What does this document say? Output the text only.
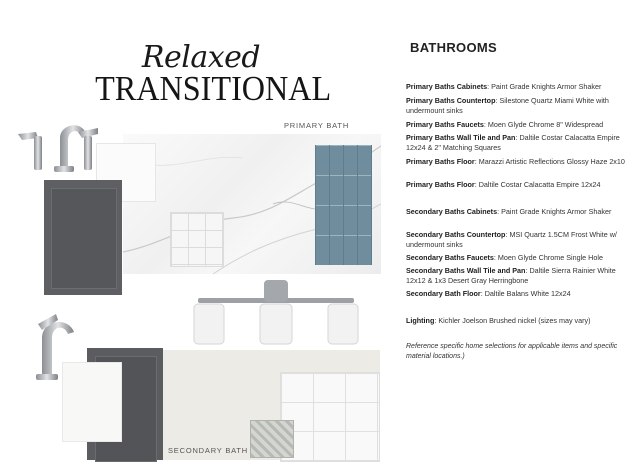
Relaxed
TRANSITIONAL
PRIMARY BATH
SECONDARY BATH
BATHROOMS
Primary Baths Cabinets: Paint Grade Knights Armor Shaker
Primary Baths Countertop: Silestone Quartz Miami White with undermount sinks
Primary Baths Faucets: Moen Glyde Chrome 8" Widespread
Primary Baths Wall Tile and Pan: Daltile Costar Calacatta Empire 12x24 & 2" Matching Squares
Primary Baths Floor: Marazzi Artistic Reflections Glossy Haze 2x10
Primary Baths Floor: Daltile Costar Calacatta Empire 12x24
Secondary Baths Cabinets: Paint Grade Knights Armor Shaker
Secondary Baths Countertop: MSI Quartz 1.5CM Frost White w/ undermount sinks
Secondary Baths Faucets: Moen Glyde Chrome Single Hole
Secondary Baths Wall Tile and Pan: Daltile Sierra Rainier White 12x12 & 1x3 Desert Gray Herringbone
Secondary Bath Floor: Daltile Balans White 12x24
Lighting: Kichler Joelson Brushed nickel (sizes may vary)
Reference specific home selections for applicable items and specific material locations.)
